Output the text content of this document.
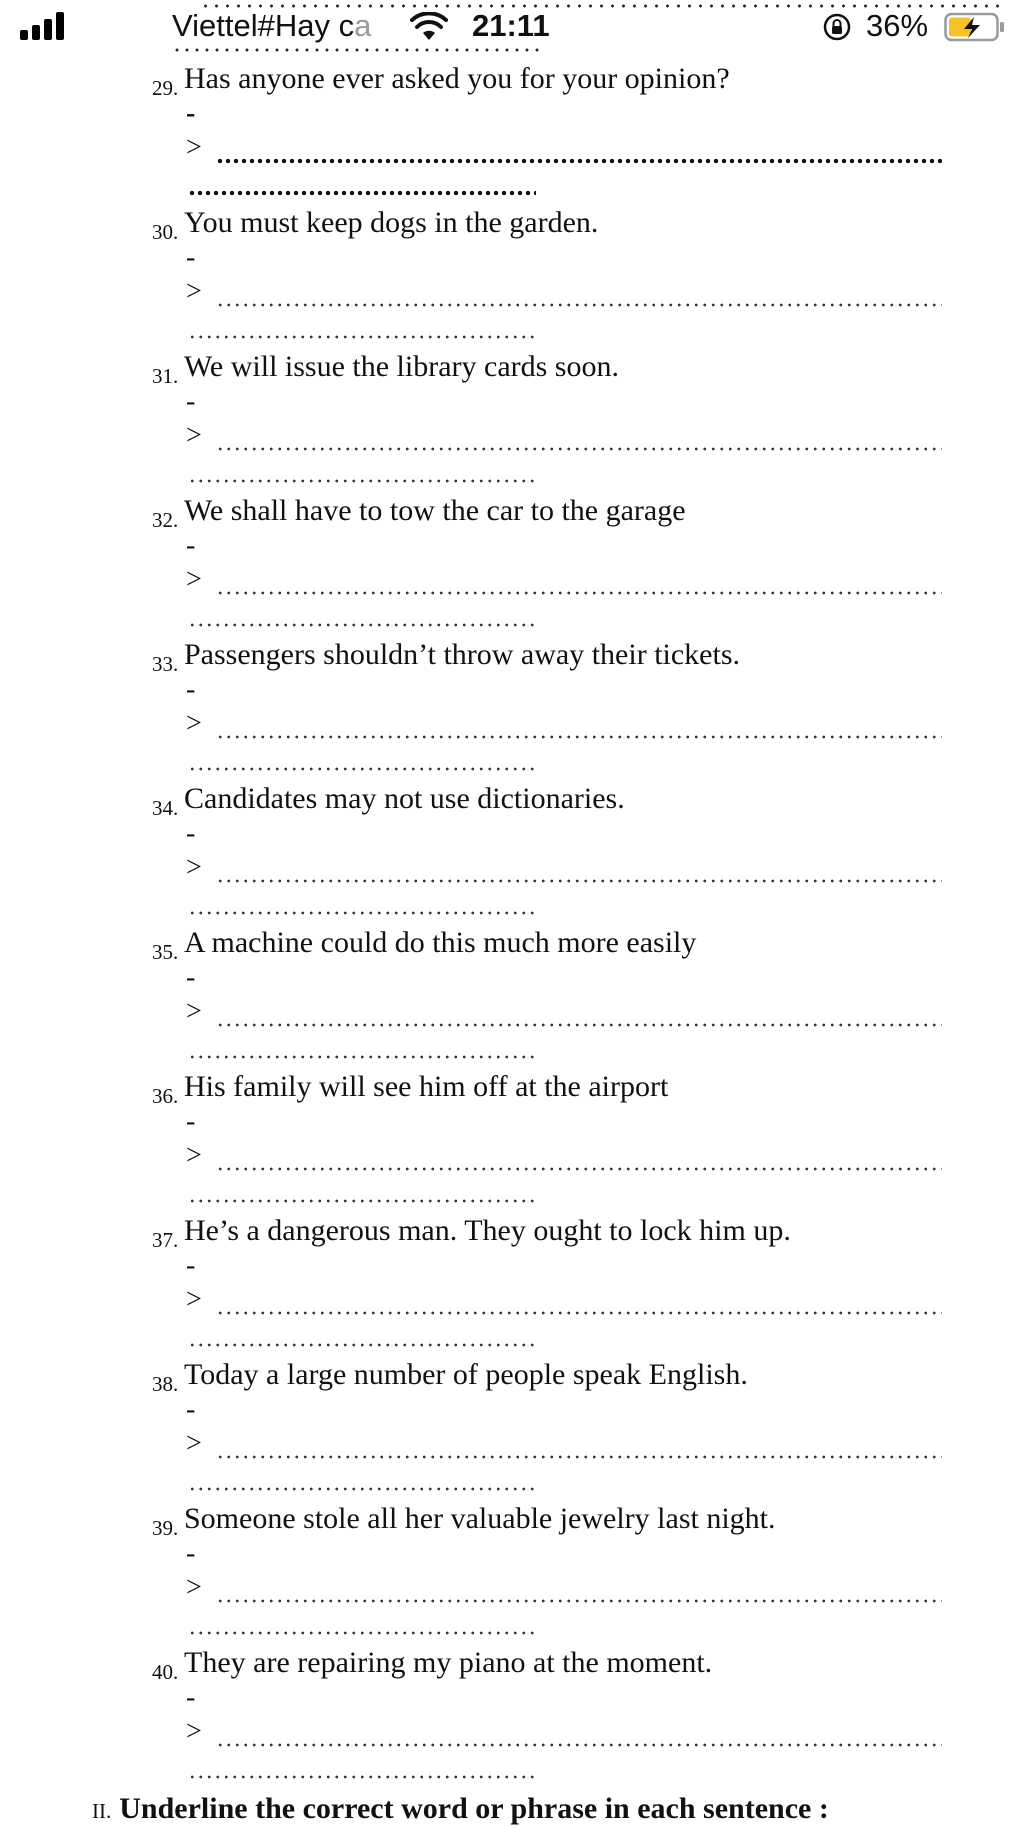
Viettel#Hay ca	21:11	36%
29. Has anyone ever asked you for your opinion?
-
>
30. You must keep dogs in the garden.
-
>
31. We will issue the library cards soon.
-
>
32. We shall have to tow the car to the garage
-
>
33. Passengers shouldn’t throw away their tickets.
-
>
34. Candidates may not use dictionaries.
-
>
35. A machine could do this much more easily
-
>
36. His family will see him off at the airport
-
>
37. He’s a dangerous man. They ought to lock him up.
-
>
38. Today a large number of people speak English.
-
>
39. Someone stole all her valuable jewelry last night.
-
>
40. They are repairing my piano at the moment.
-
>
II. Underline the correct word or phrase in each sentence :
